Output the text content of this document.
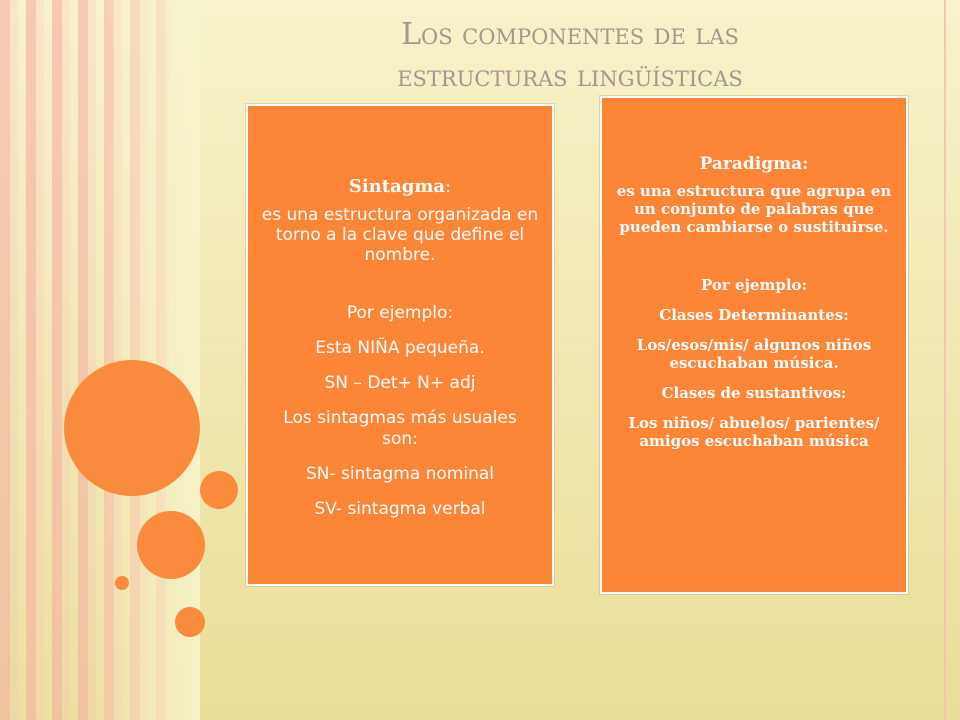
Los componentes de las
estructuras lingüísticas

Sintagma:

es una estructura organizada en torno a la clave que define el nombre.

Por ejemplo:

Esta NIÑA pequeña.

SN – Det+ N+ adj

Los sintagmas más usuales son:

SN- sintagma nominal

SV- sintagma verbal

Paradigma:

es una estructura que agrupa en un conjunto de palabras que pueden cambiarse o sustituirse.

Por ejemplo:

Clases Determinantes:

Los/esos/mis/ algunos niños escuchaban música.

Clases de sustantivos:

Los niños/ abuelos/ parientes/ amigos escuchaban música
